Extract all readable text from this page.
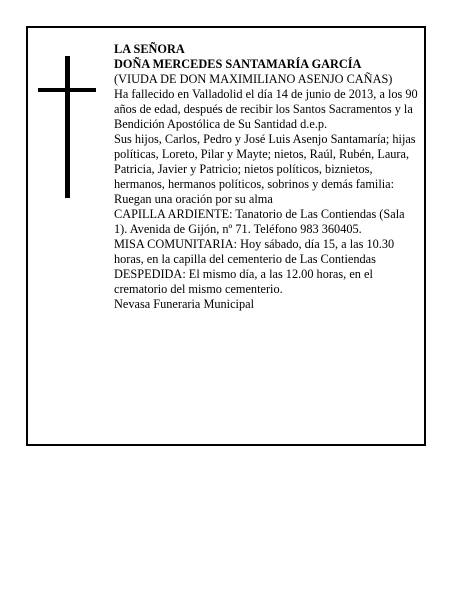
LA SEÑORA

DOÑA MERCEDES SANTAMARÍA GARCÍA

(VIUDA DE DON MAXIMILIANO ASENJO CAÑAS)

Ha fallecido en Valladolid el día 14 de junio de 2013, a los 90 años de edad, después de recibir los Santos Sacramentos y la Bendición Apostólica de Su Santidad d.e.p.

Sus hijos, Carlos, Pedro y José Luis Asenjo Santamaría; hijas políticas, Loreto, Pilar y Mayte; nietos, Raúl, Rubén, Laura, Patricia, Javier y Patricio; nietos políticos, biznietos, hermanos, hermanos políticos, sobrinos y demás familia:

Ruegan una oración por su alma

CAPILLA ARDIENTE: Tanatorio de Las Contiendas (Sala 1). Avenida de Gijón, nº 71. Teléfono 983 360405.

MISA COMUNITARIA: Hoy sábado, día 15, a las 10.30 horas, en la capilla del cementerio de Las Contiendas

DESPEDIDA: El mismo día, a las 12.00 horas, en el crematorio del mismo cementerio.

Nevasa Funeraria Municipal
